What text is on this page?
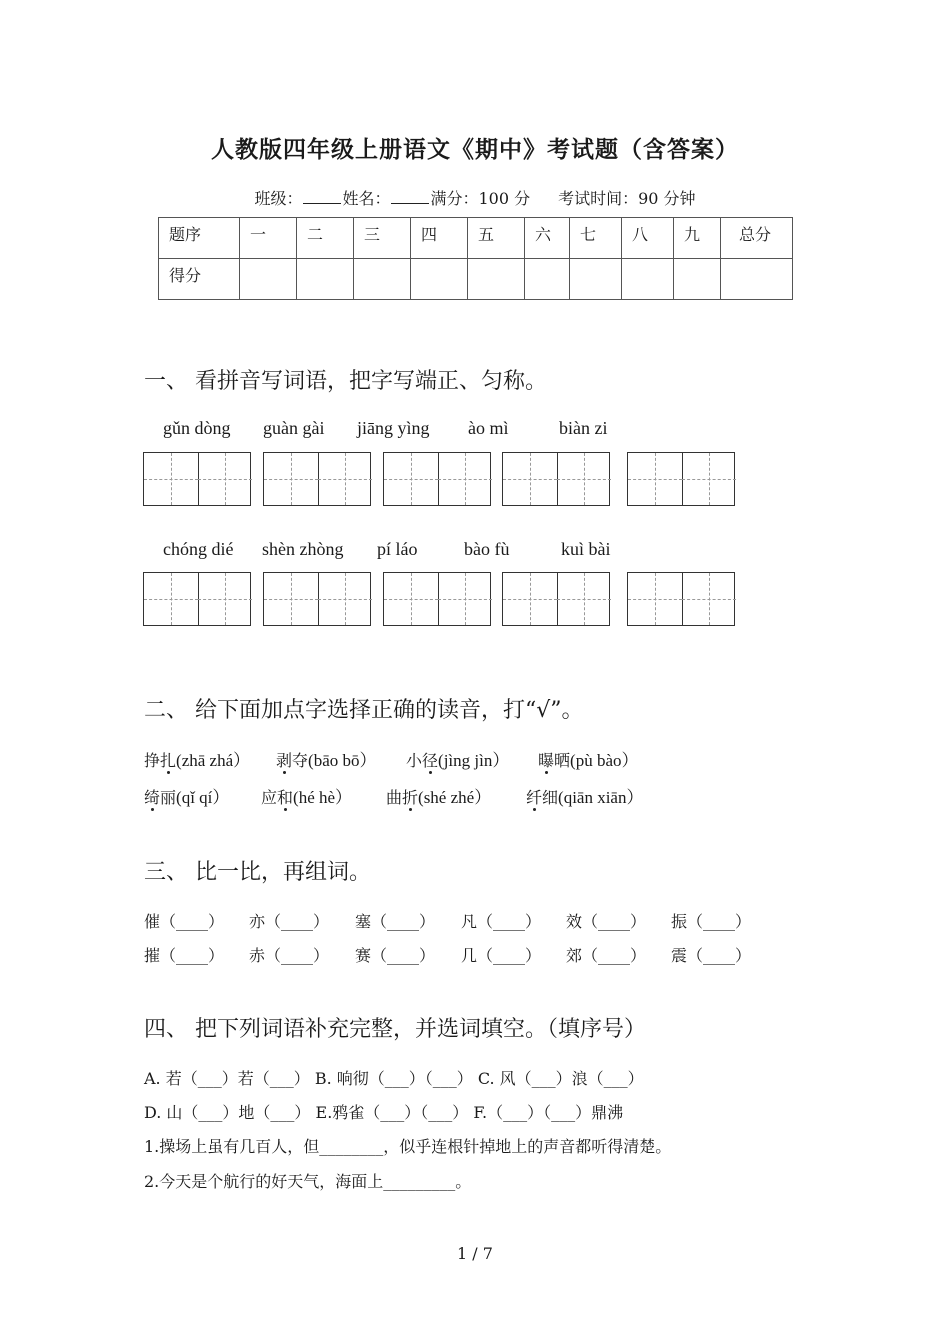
人教版四年级上册语文《期中》考试题（含答案）
班级：	姓名：	满分：100 分 考试时间：90 分钟
题序	一	二	三	四	五	六	七	八	九	总分
得分										
一、 看拼音写词语，把字写端正、匀称。
gǔn dòng guàn gài jiāng yìng ào mì	biàn zi
chóng dié shèn zhòng pí láo	bào fù	kuì bài
二、 给下面加点字选择正确的读音，打“√”。
挣扎(zhā zhá） 剥夺(bāo bō） 小径(jìng jìn） 曝晒(pù bào）
绮丽(qǐ qí） 应和(hé hè） 曲折(shé zhé） 纤细(qiān xiān）
三、 比一比，再组词。
催（____） 亦（____） 塞（____） 凡（____） 效（____） 振（____）
摧（____） 赤（____） 赛（____） 几（____） 郊（____） 震（____）
四、 把下列词语补充完整，并选词填空。（填序号）
A. 若（___）若（___） B. 响彻（___）（___） C. 风（___）浪（___）
D. 山（___）地（___） E.鸦雀（___）（___） F.（___）（___）鼎沸
1.操场上虽有几百人，但________，似乎连根针掉地上的声音都听得清楚。
2.今天是个航行的好天气，海面上_________。
1 / 7
